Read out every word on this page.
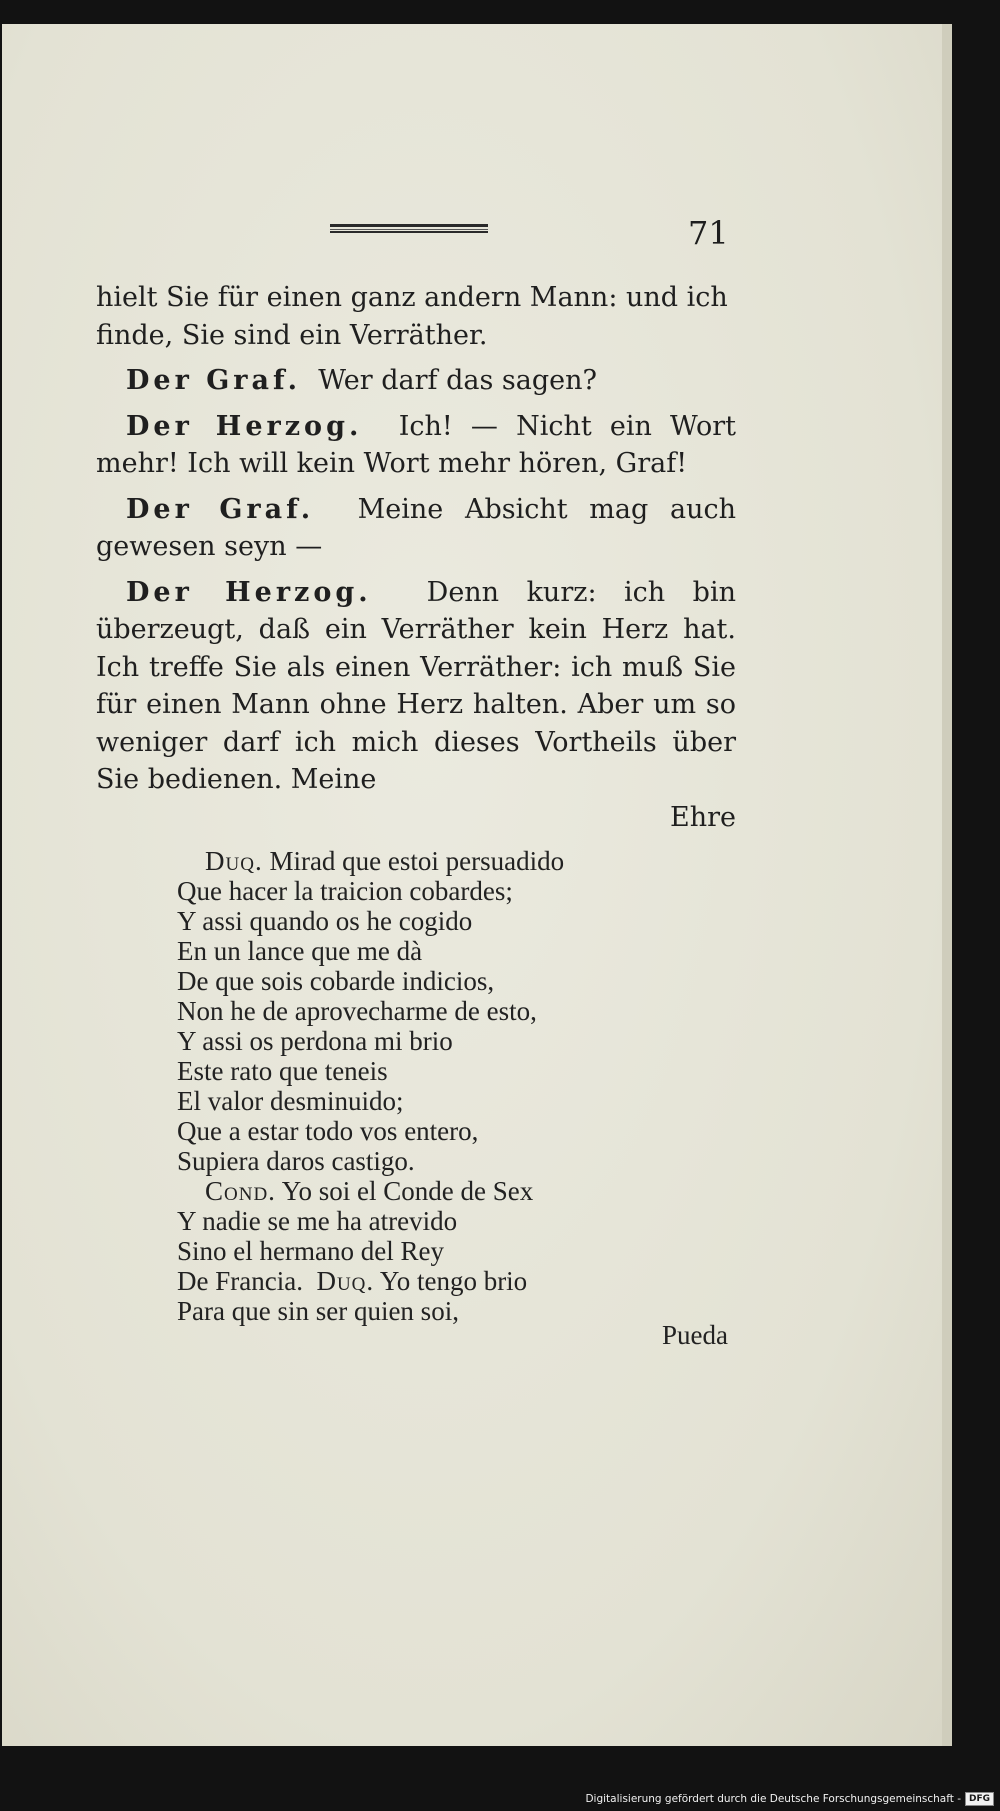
71

hielt Sie für einen ganz andern Mann: und ich
finde, Sie sind ein Verräther.

Der Graf. Wer darf das sagen?

Der Herzog. Ich! — Nicht ein Wort mehr! Ich will kein Wort mehr hören, Graf!

Der Graf. Meine Absicht mag auch gewesen seyn —

Der Herzog. Denn kurz: ich bin überzeugt, daß ein Verräther kein Herz hat. Ich treffe Sie als einen Verräther: ich muß Sie für einen Mann ohne Herz halten. Aber um so weniger darf ich mich dieses Vortheils über Sie bedienen. Meine

Ehre

Duq. Mirad que estoi persuadido
Que hacer la traicion cobardes;
Y assi quando os he cogido
En un lance que me dà
De que sois cobarde indicios,
Non he de aprovecharme de esto,
Y assi os perdona mi brio
Este rato que teneis
El valor desminuido;
Que a estar todo vos entero,
Supiera daros castigo.
Cond. Yo soi el Conde de Sex
Y nadie se me ha atrevido
Sino el hermano del Rey
De Francia. Duq. Yo tengo brio
Para que sin ser quien soi,
Pueda
Digitalisierung gefördert durch die Deutsche Forschungsgemeinschaft - DFG
